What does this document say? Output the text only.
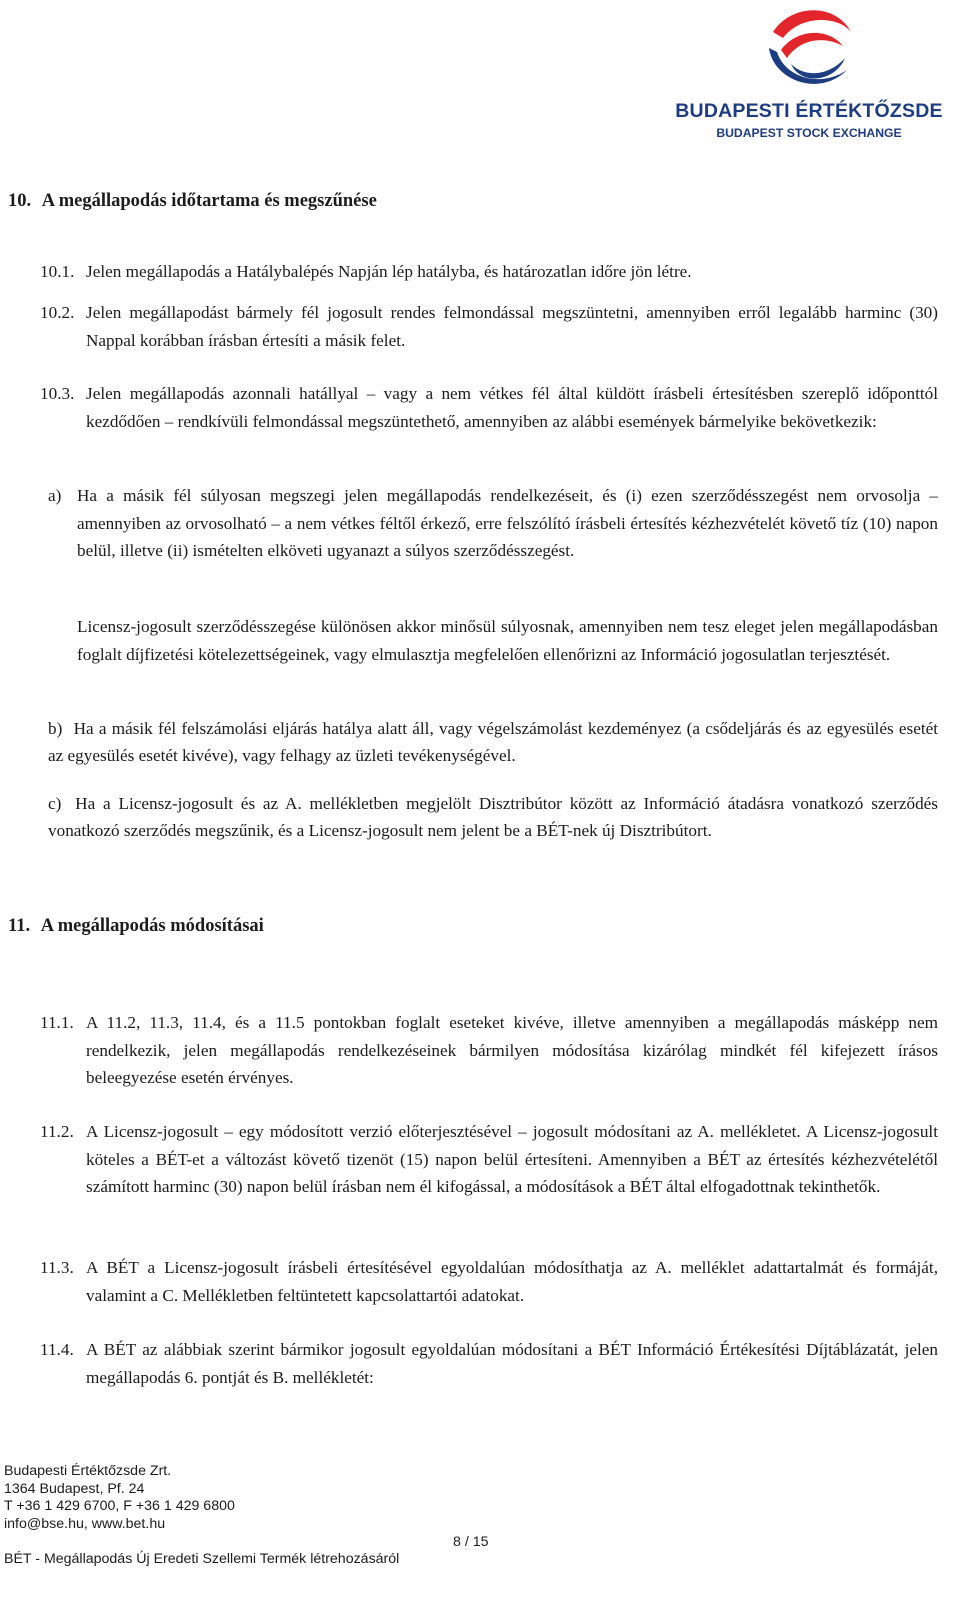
BUDAPESTI ÉRTÉKTŐZSDE
BUDAPEST STOCK EXCHANGE
10. A megállapodás időtartama és megszűnése
10.1. Jelen megállapodás a Hatálybalépés Napján lép hatályba, és határozatlan időre jön létre.
10.2. Jelen megállapodást bármely fél jogosult rendes felmondással megszüntetni, amennyiben erről legalább harminc (30) Nappal korábban írásban értesíti a másik felet.
10.3. Jelen megállapodás azonnali hatállyal – vagy a nem vétkes fél által küldött írásbeli értesítésben szereplő időponttól kezdődően – rendkívüli felmondással megszüntethető, amennyiben az alábbi események bármelyike bekövetkezik:
a) Ha a másik fél súlyosan megszegi jelen megállapodás rendelkezéseit, és (i) ezen szerződésszegést nem orvosolja – amennyiben az orvosolható – a nem vétkes féltől érkező, erre felszólító írásbeli értesítés kézhezvételét követő tíz (10) napon belül, illetve (ii) ismételten elköveti ugyanazt a súlyos szerződésszegést.
Licensz-jogosult szerződésszegése különösen akkor minősül súlyosnak, amennyiben nem tesz eleget jelen megállapodásban foglalt díjfizetési kötelezettségeinek, vagy elmulasztja megfelelően ellenőrizni az Információ jogosulatlan terjesztését.
b) Ha a másik fél felszámolási eljárás hatálya alatt áll, vagy végelszámolást kezdeményez (a csődeljárás és az egyesülés esetét
az egyesülés esetét kivéve), vagy felhagy az üzleti tevékenységével.
c) Ha a Licensz-jogosult és az A. mellékletben megjelölt Disztribútor között az Információ átadásra vonatkozó szerződés
vonatkozó szerződés megszűnik, és a Licensz-jogosult nem jelent be a BÉT-nek új Disztribútort.
11. A megállapodás módosításai
11.1. A 11.2, 11.3, 11.4, és a 11.5 pontokban foglalt eseteket kivéve, illetve amennyiben a megállapodás másképp nem rendelkezik, jelen megállapodás rendelkezéseinek bármilyen módosítása kizárólag mindkét fél kifejezett írásos beleegyezése esetén érvényes.
11.2. A Licensz-jogosult – egy módosított verzió előterjesztésével – jogosult módosítani az A. mellékletet. A Licensz-jogosult köteles a BÉT-et a változást követő tizenöt (15) napon belül értesíteni. Amennyiben a BÉT az értesítés kézhezvételétől számított harminc (30) napon belül írásban nem él kifogással, a módosítások a BÉT által elfogadottnak tekinthetők.
11.3. A BÉT a Licensz-jogosult írásbeli értesítésével egyoldalúan módosíthatja az A. melléklet adattartalmát és formáját, valamint a C. Mellékletben feltüntetett kapcsolattartói adatokat.
11.4. A BÉT az alábbiak szerint bármikor jogosult egyoldalúan módosítani a BÉT Információ Értékesítési Díjtáblázatát, jelen megállapodás 6. pontját és B. mellékletét:
Budapesti Értéktőzsde Zrt.
1364 Budapest, Pf. 24
T +36 1 429 6700, F +36 1 429 6800
info@bse.hu, www.bet.hu
8 / 15
BÉT - Megállapodás Új Eredeti Szellemi Termék létrehozásáról
